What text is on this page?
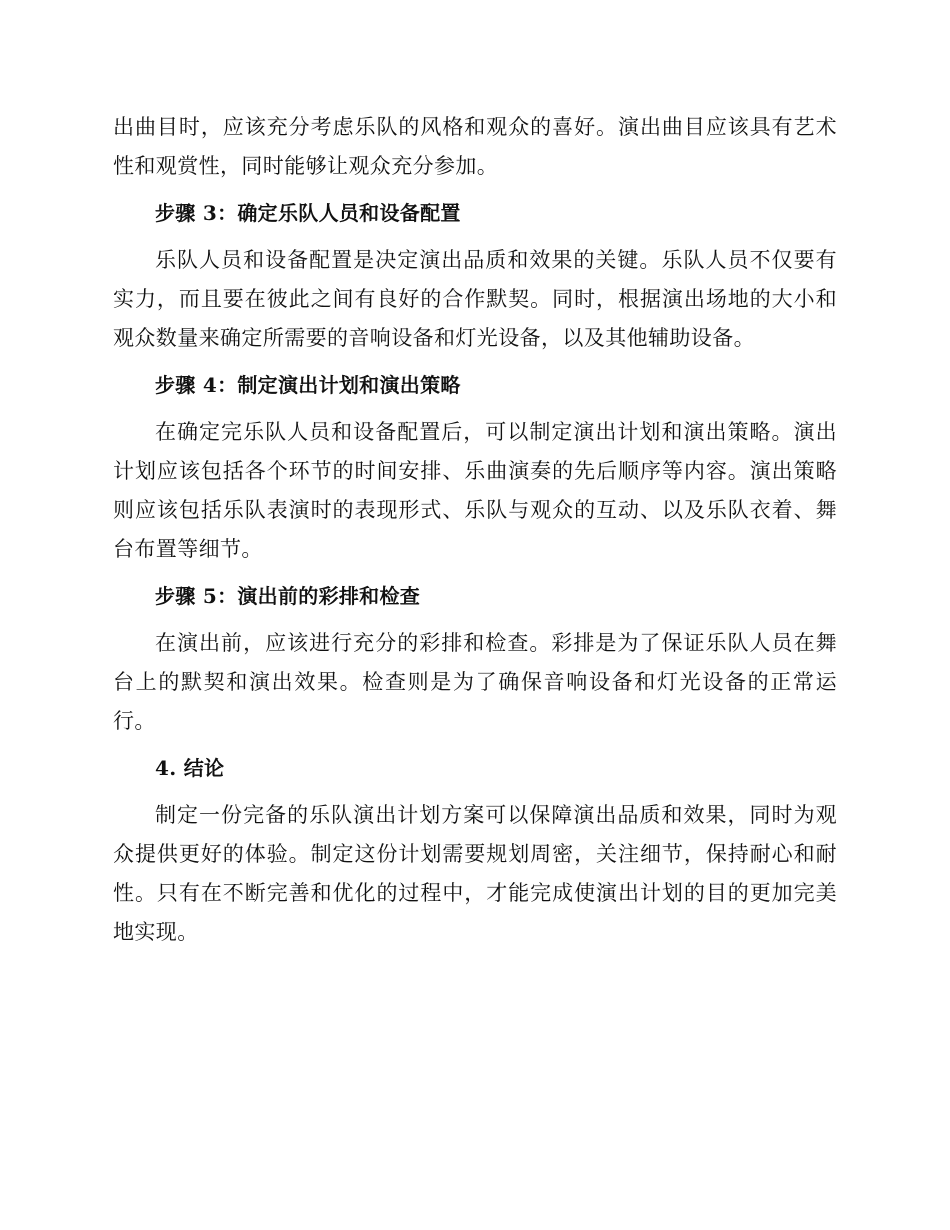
出曲目时，应该充分考虑乐队的风格和观众的喜好。演出曲目应该具有艺术性和观赏性，同时能够让观众充分参加。

步骤 3：确定乐队人员和设备配置

乐队人员和设备配置是决定演出品质和效果的关键。乐队人员不仅要有实力，而且要在彼此之间有良好的合作默契。同时，根据演出场地的大小和观众数量来确定所需要的音响设备和灯光设备，以及其他辅助设备。

步骤 4：制定演出计划和演出策略

在确定完乐队人员和设备配置后，可以制定演出计划和演出策略。演出计划应该包括各个环节的时间安排、乐曲演奏的先后顺序等内容。演出策略则应该包括乐队表演时的表现形式、乐队与观众的互动、以及乐队衣着、舞台布置等细节。

步骤 5：演出前的彩排和检查

在演出前，应该进行充分的彩排和检查。彩排是为了保证乐队人员在舞台上的默契和演出效果。检查则是为了确保音响设备和灯光设备的正常运行。

4. 结论

制定一份完备的乐队演出计划方案可以保障演出品质和效果，同时为观众提供更好的体验。制定这份计划需要规划周密，关注细节，保持耐心和耐性。只有在不断完善和优化的过程中，才能完成使演出计划的目的更加完美地实现。
